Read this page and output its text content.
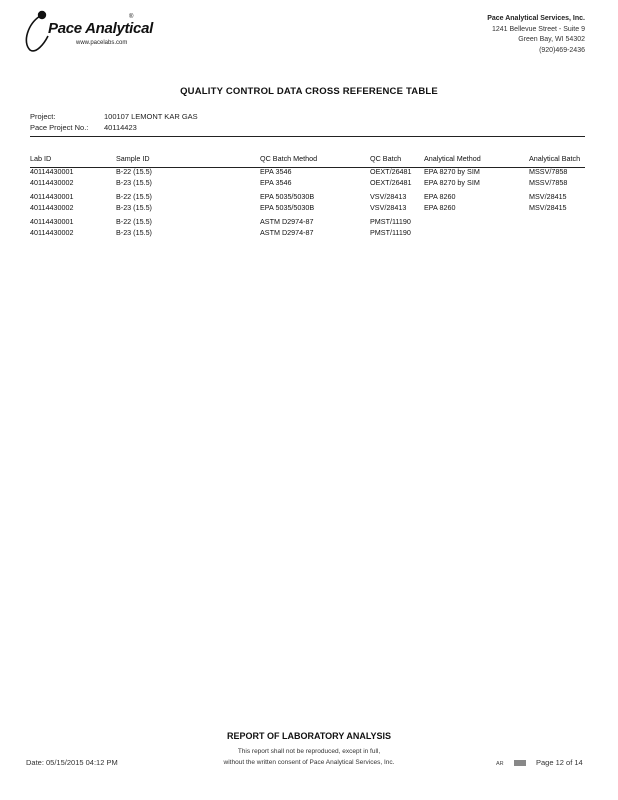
Pace Analytical
®
www.pacelabs.com
Pace Analytical Services, Inc.
1241 Bellevue Street - Suite 9
Green Bay, WI 54302
(920)469-2436
QUALITY CONTROL DATA CROSS REFERENCE TABLE
Project:	100107 LEMONT KAR GAS
Pace Project No.: 40114423
Lab ID	Sample ID	QC Batch Method	QC Batch	Analytical Method	Analytical Batch
40114430001	B-22 (15.5)	EPA 3546	OEXT/26481	EPA 8270 by SIM	MSSV/7858
40114430002	B-23 (15.5)	EPA 3546	OEXT/26481	EPA 8270 by SIM	MSSV/7858

40114430001	B-22 (15.5)	EPA 5035/5030B	VSV/28413	EPA 8260	MSV/28415
40114430002	B-23 (15.5)	EPA 5035/5030B	VSV/28413	EPA 8260	MSV/28415

40114430001	B-22 (15.5)	ASTM D2974-87	PMST/11190		
40114430002	B-23 (15.5)	ASTM D2974-87	PMST/11190		
REPORT OF LABORATORY ANALYSIS
This report shall not be reproduced, except in full,
without the written consent of Pace Analytical Services, Inc.
Date: 05/15/2015 04:12 PM	AR	Page 12 of 14
